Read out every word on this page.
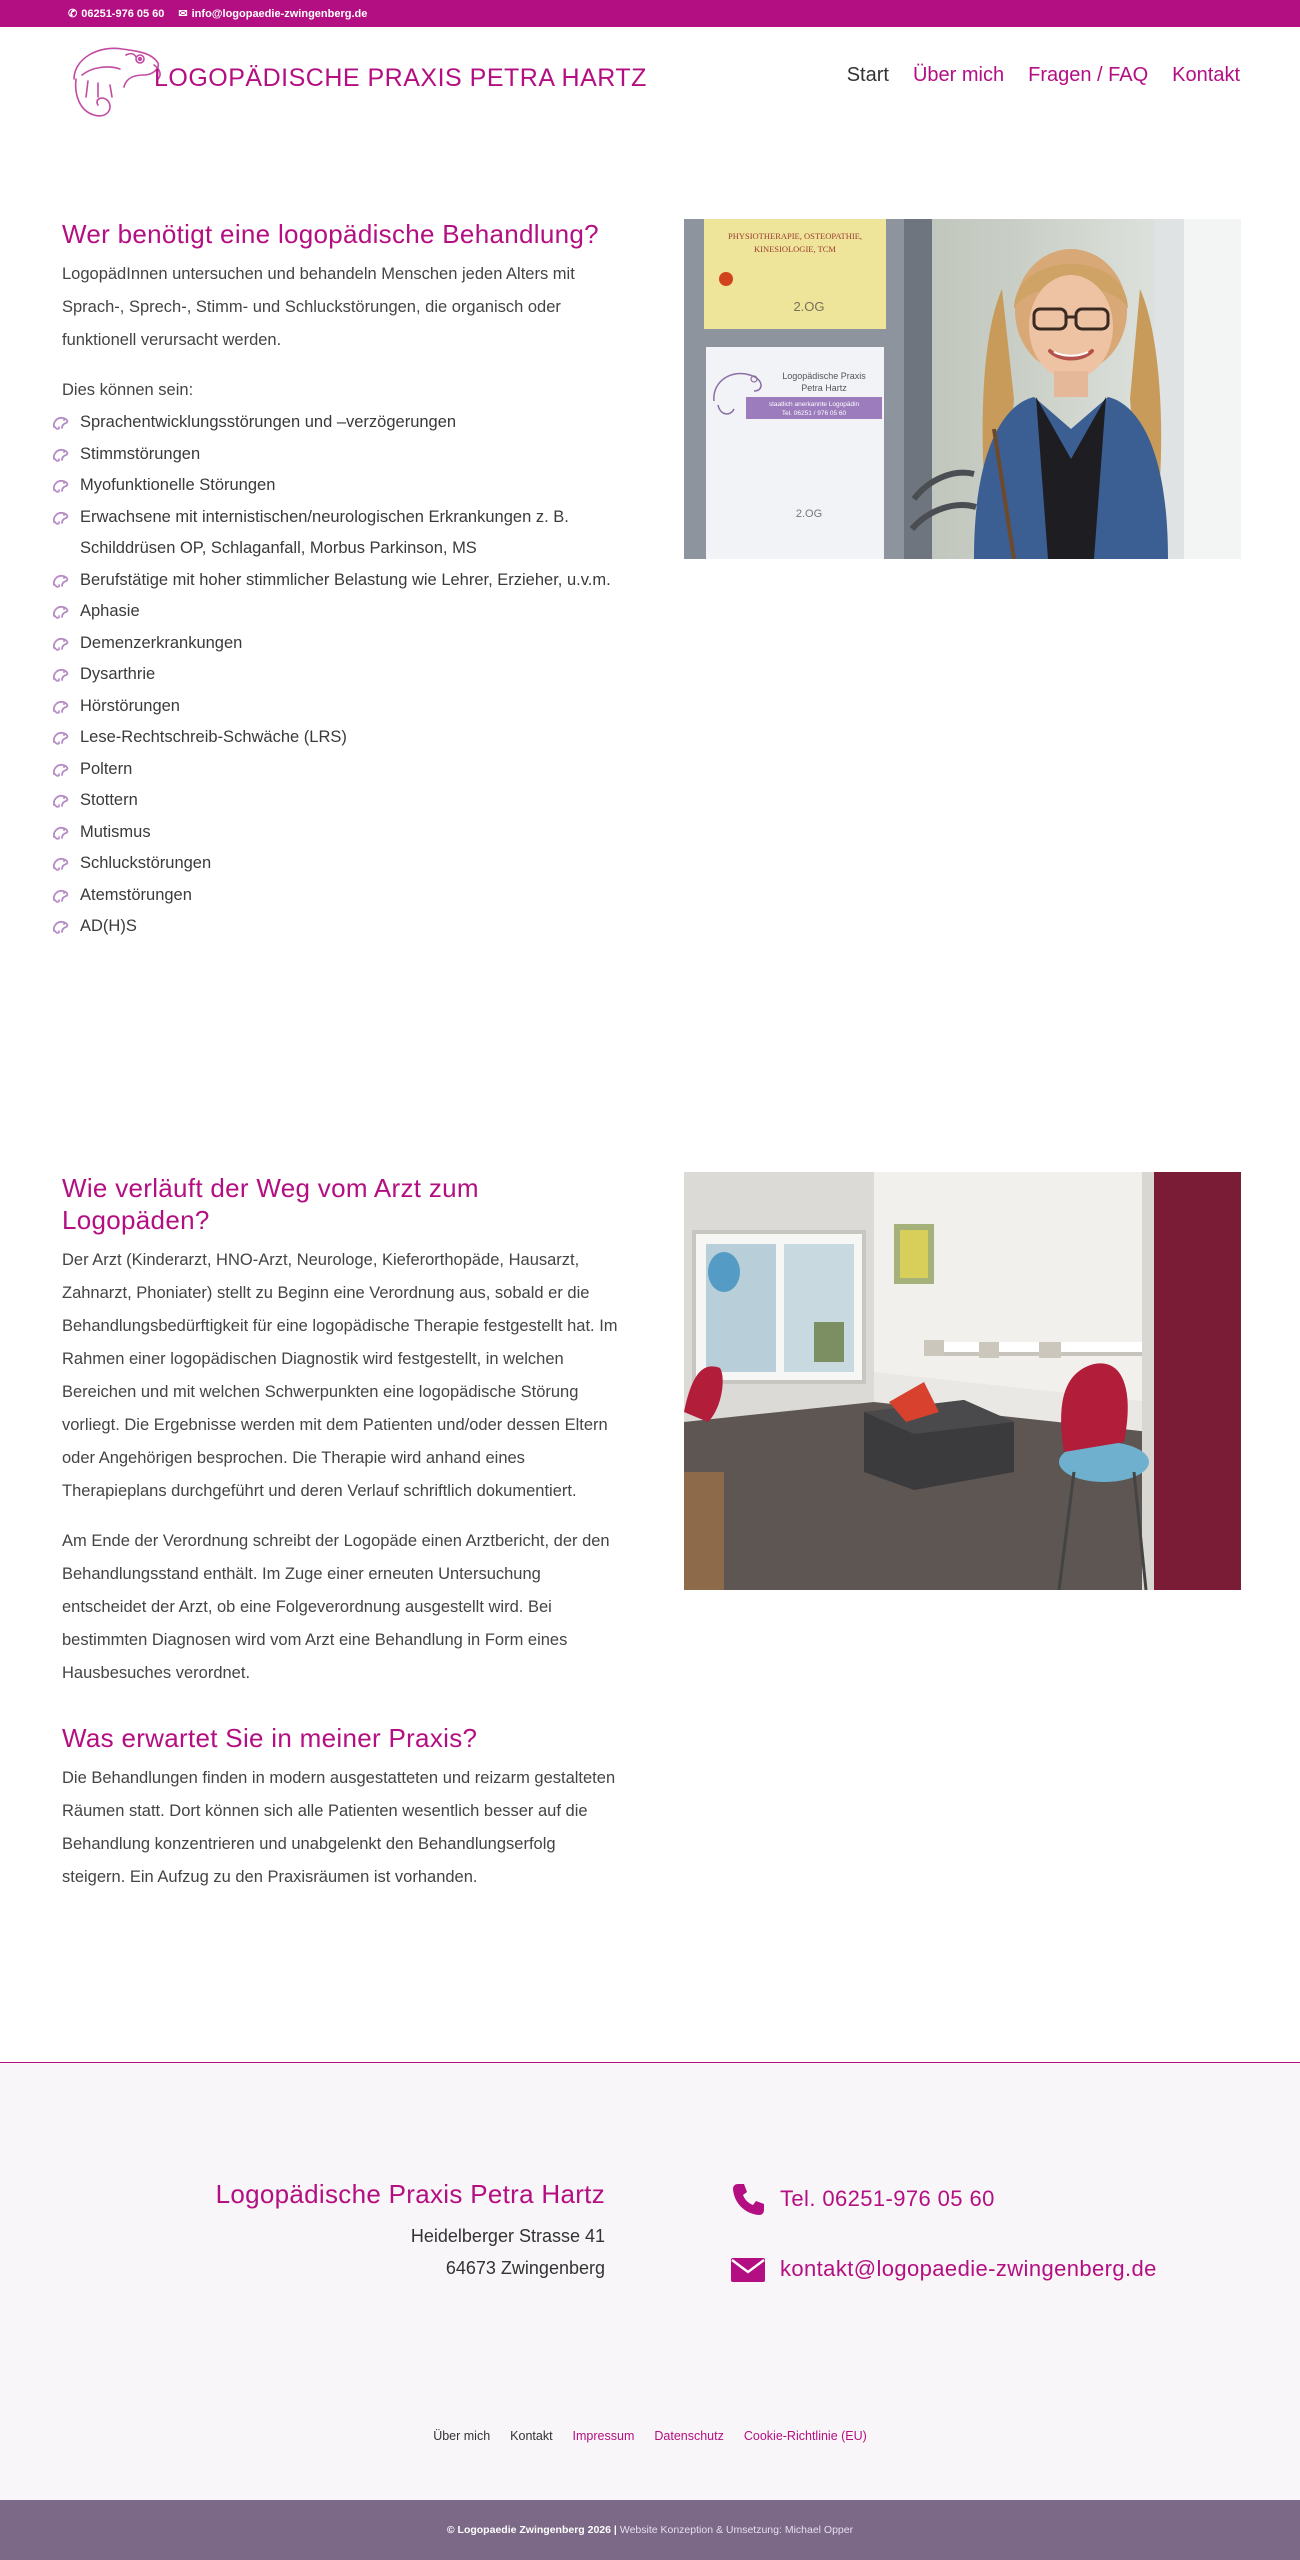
✆ 06251-976 05 60 ✉ info@logopaedie-zwingenberg.de
LOGOPÄDISCHE PRAXIS PETRA HARTZ	Start Über mich Fragen / FAQ Kontakt
Wer benötigt eine logopädische Behandlung?

LogopädInnen untersuchen und behandeln Menschen jeden Alters mit Sprach-, Sprech-, Stimm- und Schluckstörungen, die organisch oder funktionell verursacht werden.

Dies können sein:

Sprachentwicklungsstörungen und –verzögerungen
Stimmstörungen
Myofunktionelle Störungen
Erwachsene mit internistischen/neurologischen Erkrankungen z. B. Schilddrüsen OP, Schlaganfall, Morbus Parkinson, MS
Berufstätige mit hoher stimmlicher Belastung wie Lehrer, Erzieher, u.v.m.
Aphasie
Demenzerkrankungen
Dysarthrie
Hörstörungen
Lese-Rechtschreib-Schwäche (LRS)
Poltern
Stottern
Mutismus
Schluckstörungen
Atemstörungen
AD(H)S
PHYSIOTHERAPIE, OSTEOPATHIE,
KINESIOLOGIE, TCM
2.OG
Logopädische Praxis
Petra Hartz
staatlich anerkannte Logopädin
Tel. 06251 / 976 05 60
2.OG
Wie verläuft der Weg vom Arzt zum Logopäden?

Der Arzt (Kinderarzt, HNO-Arzt, Neurologe, Kieferorthopäde, Hausarzt, Zahnarzt, Phoniater) stellt zu Beginn eine Verordnung aus, sobald er die Behandlungsbedürftigkeit für eine logopädische Therapie festgestellt hat. Im Rahmen einer logopädischen Diagnostik wird festgestellt, in welchen Bereichen und mit welchen Schwerpunkten eine logopädische Störung vorliegt. Die Ergebnisse werden mit dem Patienten und/oder dessen Eltern oder Angehörigen besprochen. Die Therapie wird anhand eines Therapieplans durchgeführt und deren Verlauf schriftlich dokumentiert.

Am Ende der Verordnung schreibt der Logopäde einen Arztbericht, der den Behandlungsstand enthält. Im Zuge einer erneuten Untersuchung entscheidet der Arzt, ob eine Folgeverordnung ausgestellt wird. Bei bestimmten Diagnosen wird vom Arzt eine Behandlung in Form eines Hausbesuches verordnet.

Was erwartet Sie in meiner Praxis?

Die Behandlungen finden in modern ausgestatteten und reizarm gestalteten Räumen statt. Dort können sich alle Patienten wesentlich besser auf die Behandlung konzentrieren und unabgelenkt den Behandlungserfolg steigern. Ein Aufzug zu den Praxisräumen ist vorhanden.

Logopädische Praxis Petra Hartz
Heidelberger Strasse 41
64673 Zwingenberg
Tel. 06251-976 05 60
kontakt@logopaedie-zwingenberg.de
Über mich Kontakt Impressum Datenschutz Cookie-Richtlinie (EU)
© Logopaedie Zwingenberg 2026 | Website Konzeption & Umsetzung: Michael Opper
